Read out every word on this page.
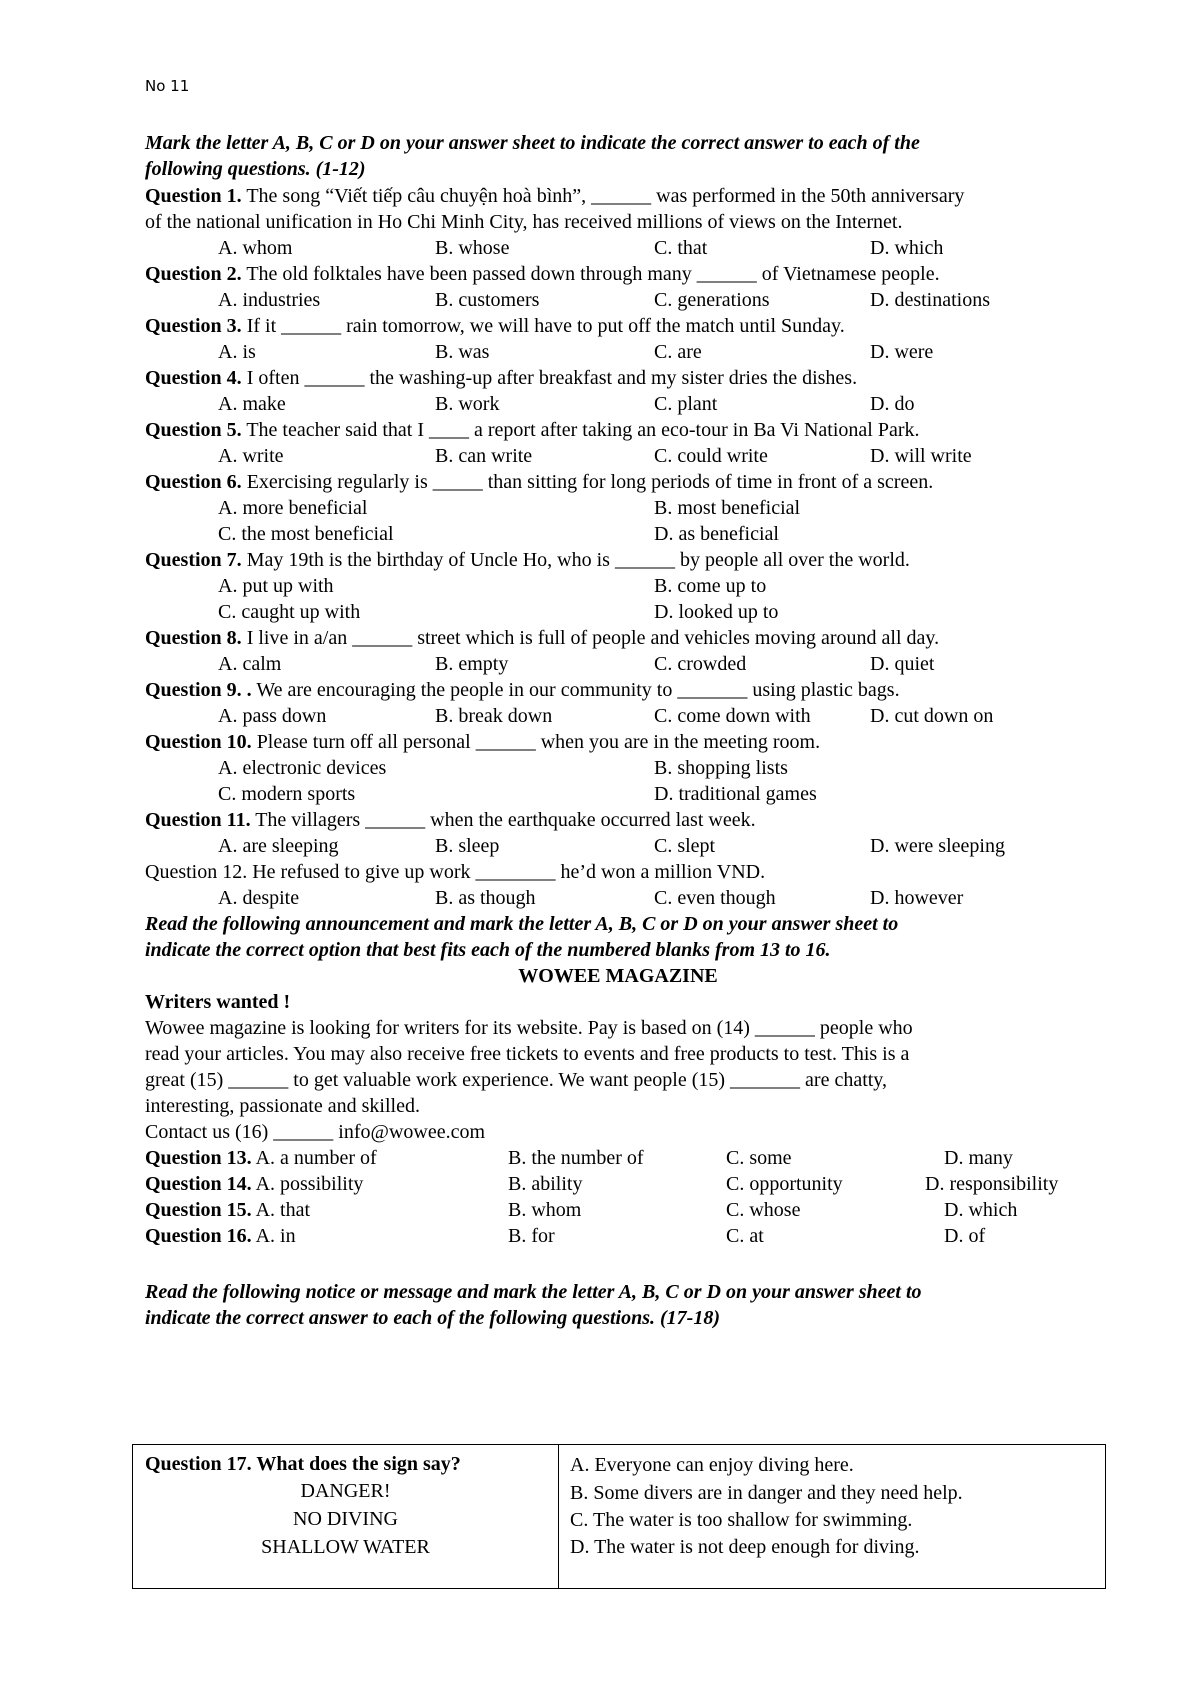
No 11
Mark the letter A, B, C or D on your answer sheet to indicate the correct answer to each of the
following questions. (1-12)
Question 1. The song “Viết tiếp câu chuyện hoà bình”, ______ was performed in the 50th anniversary
of the national unification in Ho Chi Minh City, has received millions of views on the Internet.
A. whom	B. whose	C. that	D. which
Question 2. The old folktales have been passed down through many ______ of Vietnamese people.
A. industries	B. customers	C. generations	D. destinations
Question 3. If it ______ rain tomorrow, we will have to put off the match until Sunday.
A. is	B. was	C. are	D. were
Question 4. I often ______ the washing-up after breakfast and my sister dries the dishes.
A. make	B. work	C. plant	D. do
Question 5. The teacher said that I ____ a report after taking an eco-tour in Ba Vi National Park.
A. write	B. can write	C. could write	D. will write
Question 6. Exercising regularly is _____ than sitting for long periods of time in front of a screen.
A. more beneficial	B. most beneficial
C. the most beneficial	D. as beneficial
Question 7. May 19th is the birthday of Uncle Ho, who is ______ by people all over the world.
A. put up with	B. come up to
C. caught up with	D. looked up to
Question 8. I live in a/an ______ street which is full of people and vehicles moving around all day.
A. calm	B. empty	C. crowded	D. quiet
Question 9. . We are encouraging the people in our community to _______ using plastic bags.
A. pass down	B. break down	C. come down with	D. cut down on
Question 10. Please turn off all personal ______ when you are in the meeting room.
A. electronic devices	B. shopping lists
C. modern sports	D. traditional games
Question 11. The villagers ______ when the earthquake occurred last week.
A. are sleeping	B. sleep	C. slept	D. were sleeping
Question 12. He refused to give up work ________ he’d won a million VND.
A. despite	B. as though	C. even though	D. however
Read the following announcement and mark the letter A, B, C or D on your answer sheet to
indicate the correct option that best fits each of the numbered blanks from 13 to 16.
WOWEE MAGAZINE
Writers wanted !
Wowee magazine is looking for writers for its website. Pay is based on (14) ______ people who
read your articles. You may also receive free tickets to events and free products to test. This is a
great (15) ______ to get valuable work experience. We want people (15) _______ are chatty,
interesting, passionate and skilled.
Contact us (16) ______ info@wowee.com
Question 13. A. a number of	B. the number of	C. some	D. many
Question 14. A. possibility	B. ability	C. opportunity	D. responsibility
Question 15. A. that	B. whom	C. whose	D. which
Question 16. A. in	B. for	C. at	D. of
Read the following notice or message and mark the letter A, B, C or D on your answer sheet to
indicate the correct answer to each of the following questions. (17-18)
Question 17. What does the sign say?
DANGER!
NO DIVING
SHALLOW WATER
A. Everyone can enjoy diving here.
B. Some divers are in danger and they need help.
C. The water is too shallow for swimming.
D. The water is not deep enough for diving.
